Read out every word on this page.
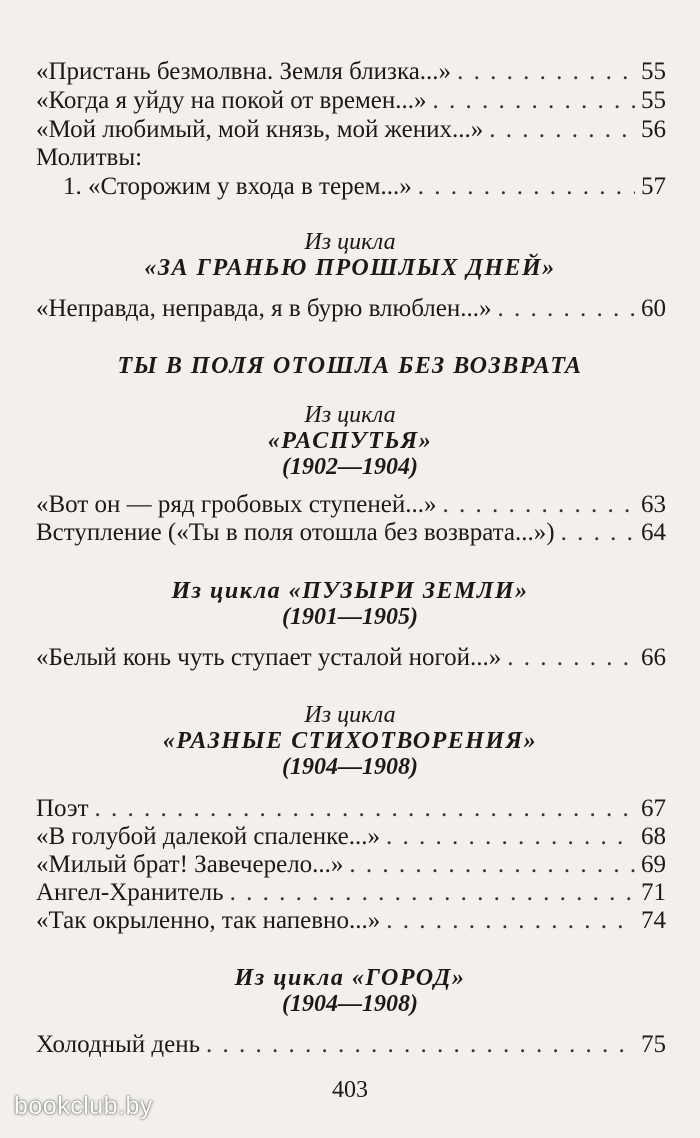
«Пристань безмолвна. Земля близка...» . . .	55
«Когда я уйду на покой от времен...» . . .	55
«Мой любимый, мой князь, мой жених...» . . .	56
Молитвы:
1. «Сторожим у входа в терем...» . . .	57
Из цикла
«ЗА ГРАНЬЮ ПРОШЛЫХ ДНЕЙ»
«Неправда, неправда, я в бурю влюблен...» . . .	60
ТЫ В ПОЛЯ ОТОШЛА БЕЗ ВОЗВРАТА
Из цикла
«РАСПУТЬЯ»
(1902—1904)
«Вот он — ряд гробовых ступеней...» . . .	63
Вступление («Ты в поля отошла без возврата...») . . .	64
Из цикла «ПУЗЫРИ ЗЕМЛИ»
(1901—1905)
«Белый конь чуть ступает усталой ногой...» . . .	66
Из цикла
«РАЗНЫЕ СТИХОТВОРЕНИЯ»
(1904—1908)
Поэт . . .	67
«В голубой далекой спаленке...» . . .	68
«Милый брат! Завечерело...» . . .	69
Ангел-Хранитель . . .	71
«Так окрыленно, так напевно...» . . .	74
Из цикла «ГОРОД»
(1904—1908)
Холодный день . . .	75
403
bookclub.by
